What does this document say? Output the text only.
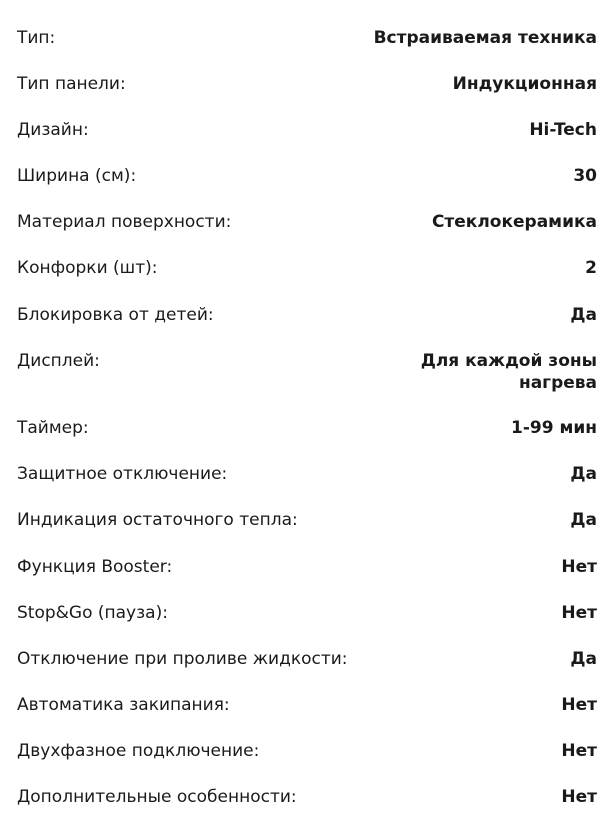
Тип:	Встраиваемая техника
Тип панели:	Индукционная
Дизайн:	Hi-Tech
Ширина (см):	30
Материал поверхности:	Стеклокерамика
Конфорки (шт):	2
Блокировка от детей:	Да
Дисплей:	Для каждой зоны нагрева
Таймер:	1-99 мин
Защитное отключение:	Да
Индикация остаточного тепла:	Да
Функция Booster:	Нет
Stop&Go (пауза):	Нет
Отключение при проливе жидкости:	Да
Автоматика закипания:	Нет
Двухфазное подключение:	Нет
Дополнительные особенности:	Нет
